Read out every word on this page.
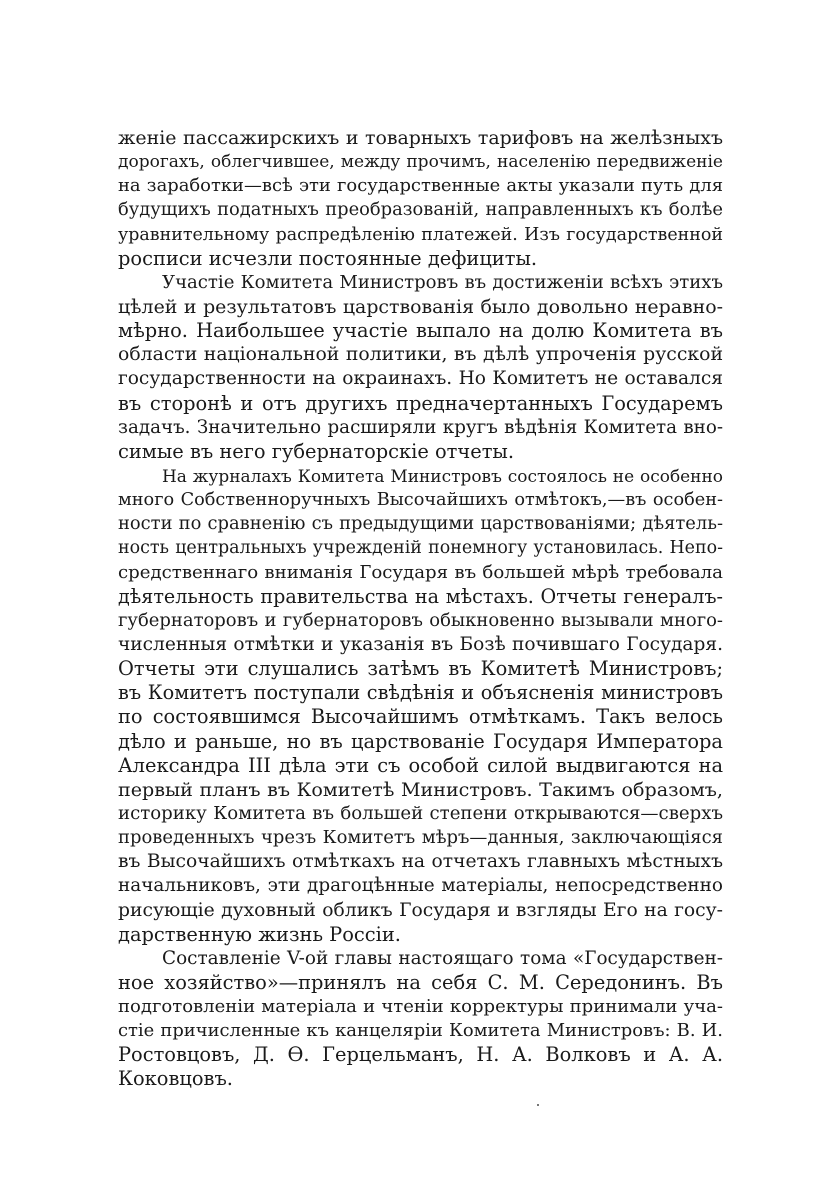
женіе пассажирскихъ и товарныхъ тарифовъ на желѣзныхъ
дорогахъ, облегчившее, между прочимъ, населенію передвиженіе
на заработки—всѣ эти государственные акты указали путь для
будущихъ податныхъ преобразованій, направленныхъ къ болѣе
уравнительному распредѣленію платежей. Изъ государственной
росписи исчезли постоянные дефициты.
Участіе Комитета Министровъ въ достиженіи всѣхъ этихъ
цѣлей и результатовъ царствованія было довольно неравно-
мѣрно. Наибольшее участіе выпало на долю Комитета въ
области національной политики, въ дѣлѣ упроченія русской
государственности на окраинахъ. Но Комитетъ не оставался
въ сторонѣ и отъ другихъ предначертанныхъ Государемъ
задачъ. Значительно расширяли кругъ вѣдѣнія Комитета вно-
симые въ него губернаторскіе отчеты.
На журналахъ Комитета Министровъ состоялось не особенно
много Собственноручныхъ Высочайшихъ отмѣтокъ,—въ особен-
ности по сравненію съ предыдущими царствованіями; дѣятель-
ность центральныхъ учрежденій понемногу установилась. Непо-
средственнаго вниманія Государя въ большей мѣрѣ требовала
дѣятельность правительства на мѣстахъ. Отчеты генералъ-
губернаторовъ и губернаторовъ обыкновенно вызывали много-
численныя отмѣтки и указанія въ Бозѣ почившаго Государя.
Отчеты эти слушались затѣмъ въ Комитетѣ Министровъ;
въ Комитетъ поступали свѣдѣнія и объясненія министровъ
по состоявшимся Высочайшимъ отмѣткамъ. Такъ велось
дѣло и раньше, но въ царствованіе Государя Императора
Александра III дѣла эти съ особой силой выдвигаются на
первый планъ въ Комитетѣ Министровъ. Такимъ образомъ,
историку Комитета въ большей степени открываются—сверхъ
проведенныхъ чрезъ Комитетъ мѣръ—данныя, заключающіяся
въ Высочайшихъ отмѣткахъ на отчетахъ главныхъ мѣстныхъ
начальниковъ, эти драгоцѣнные матеріалы, непосредственно
рисующіе духовный обликъ Государя и взгляды Его на госу-
дарственную жизнь Россіи.
Составленіе V-ой главы настоящаго тома «Государствен-
ное хозяйство»—принялъ на себя С. М. Середонинъ. Въ
подготовленіи матеріала и чтеніи корректуры принимали уча-
стіе причисленные къ канцеляріи Комитета Министровъ: В. И.
Ростовцовъ, Д. Ѳ. Герцельманъ, Н. А. Волковъ и А. А.
Коковцовъ.
